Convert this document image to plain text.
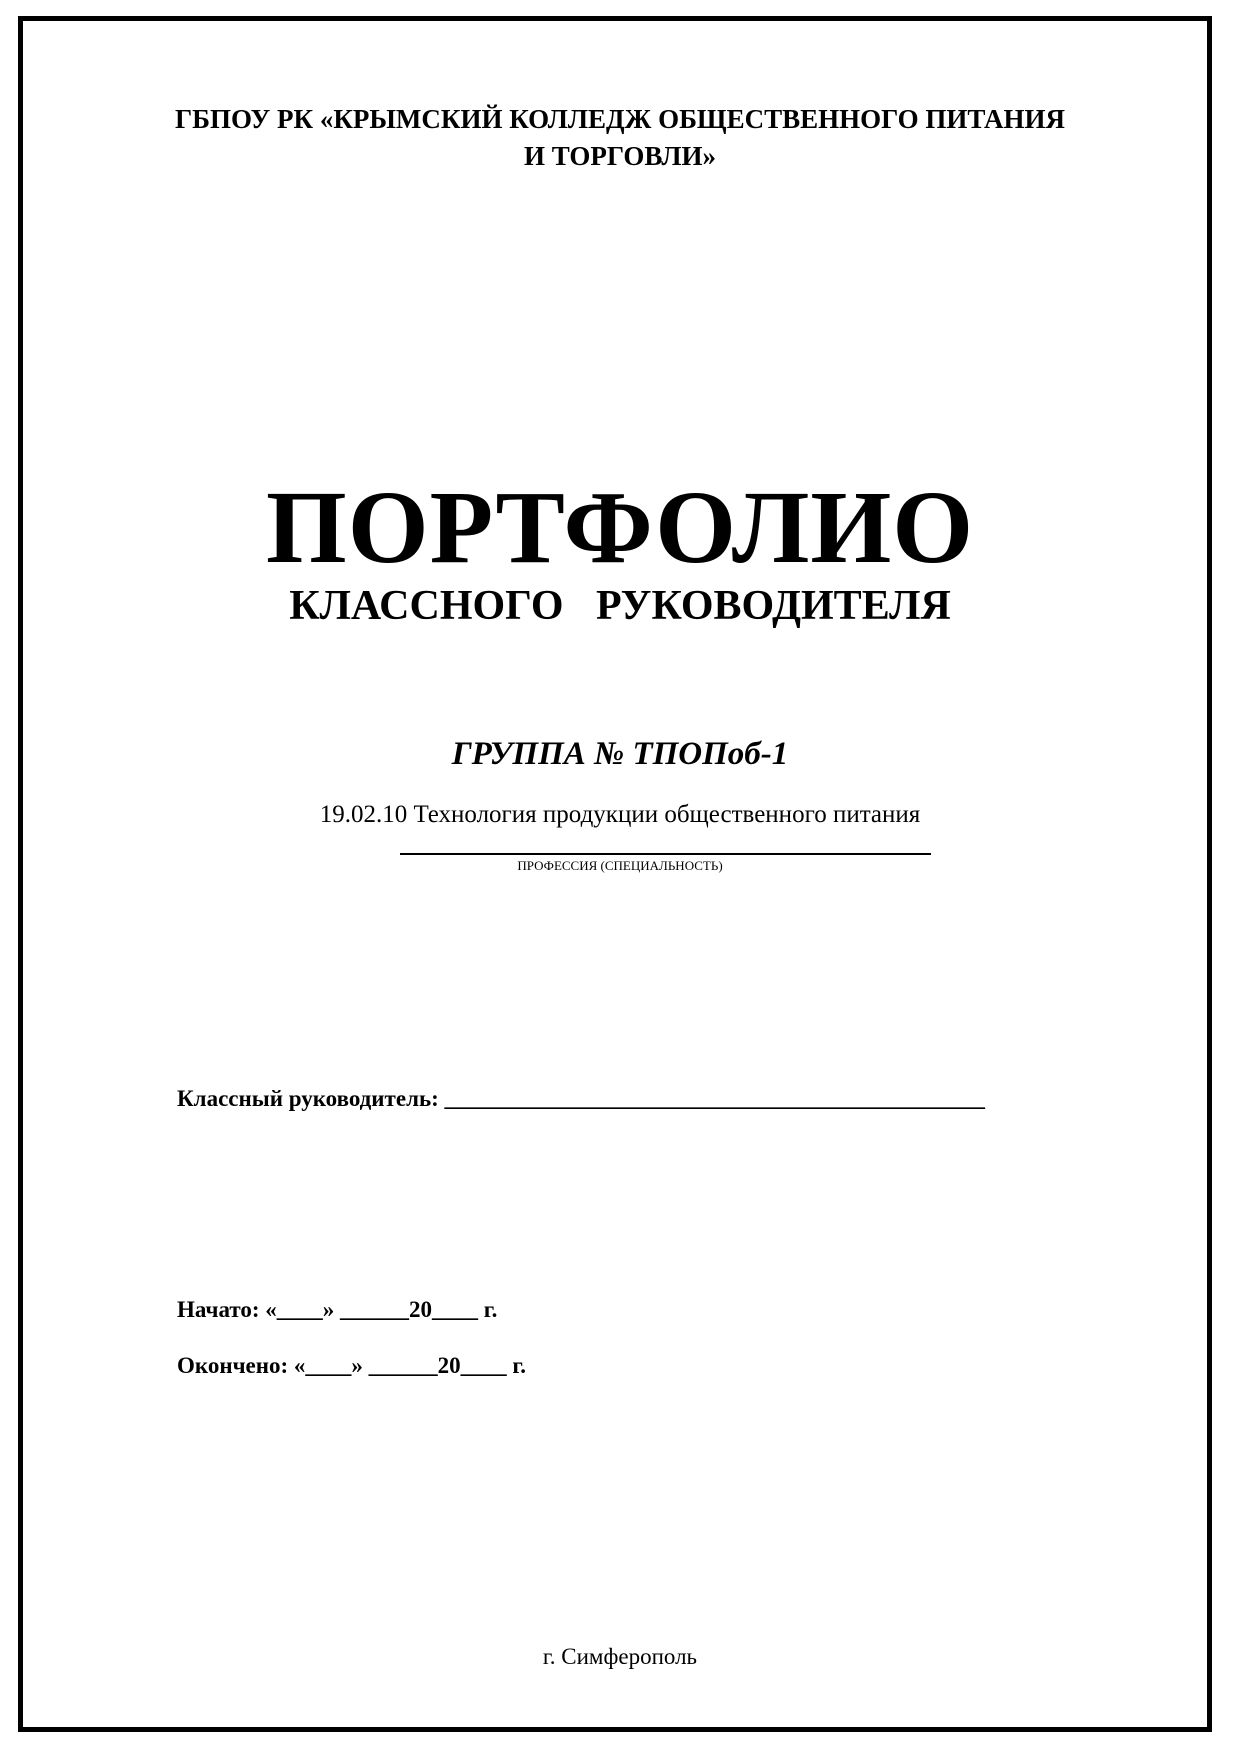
ГБПОУ РК «КРЫМСКИЙ КОЛЛЕДЖ ОБЩЕСТВЕННОГО ПИТАНИЯ
И ТОРГОВЛИ»
ПОРТФОЛИО
КЛАССНОГО РУКОВОДИТЕЛЯ
ГРУППА № ТПОПоб-1
19.02.10 Технология продукции общественного питания
ПРОФЕССИЯ (СПЕЦИАЛЬНОСТЬ)
Классный руководитель: _______________________________________________
Начато: «____» ______20____ г.
Окончено: «____» ______20____ г.
г. Симферополь
